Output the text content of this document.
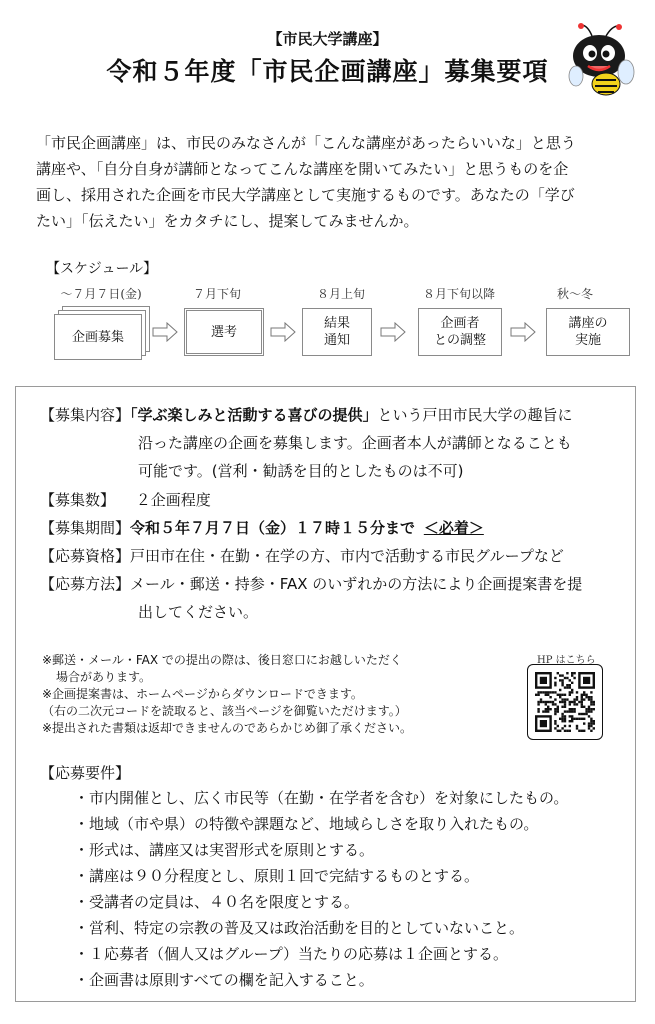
【市民大学講座】
令和５年度「市民企画講座」募集要項
「市民企画講座」は、市民のみなさんが「こんな講座があったらいいな」と思う
講座や、「自分自身が講師となってこんな講座を開いてみたい」と思うものを企
画し、採用された企画を市民大学講座として実施するものです。あなたの「学び
たい」「伝えたい」をカタチにし、提案してみませんか。
【スケジュール】
～７月７日(金)	７月下旬	８月上旬	８月下旬以降	秋～冬
企画募集	選考
結果
通知
企画者
との調整
講座の
実施
【募集内容】「学ぶ楽しみと活動する喜びの提供」という戸田市民大学の趣旨に
沿った講座の企画を募集します。企画者本人が講師となることも
可能です。(営利・勧誘を目的としたものは不可)
【募集数】 ２企画程度
【募集期間】令和５年７月７日（金）１７時１５分まで ＜必着＞
【応募資格】戸田市在住・在勤・在学の方、市内で活動する市民グループなど
【応募方法】メール・郵送・持参・FAX のいずれかの方法により企画提案書を提
出してください。
※郵送・メール・FAX での提出の際は、後日窓口にお越しいただく
場合があります。
※企画提案書は、ホームページからダウンロードできます。
（右の二次元コードを読取ると、該当ページを御覧いただけます。）
※提出された書類は返却できませんのであらかじめ御了承ください。
HP はこちら
【応募要件】
・市内開催とし、広く市民等（在勤・在学者を含む）を対象にしたもの。
・地域（市や県）の特徴や課題など、地域らしさを取り入れたもの。
・形式は、講座又は実習形式を原則とする。
・講座は９０分程度とし、原則１回で完結するものとする。
・受講者の定員は、４０名を限度とする。
・営利、特定の宗教の普及又は政治活動を目的としていないこと。
・１応募者（個人又はグループ）当たりの応募は１企画とする。
・企画書は原則すべての欄を記入すること。
